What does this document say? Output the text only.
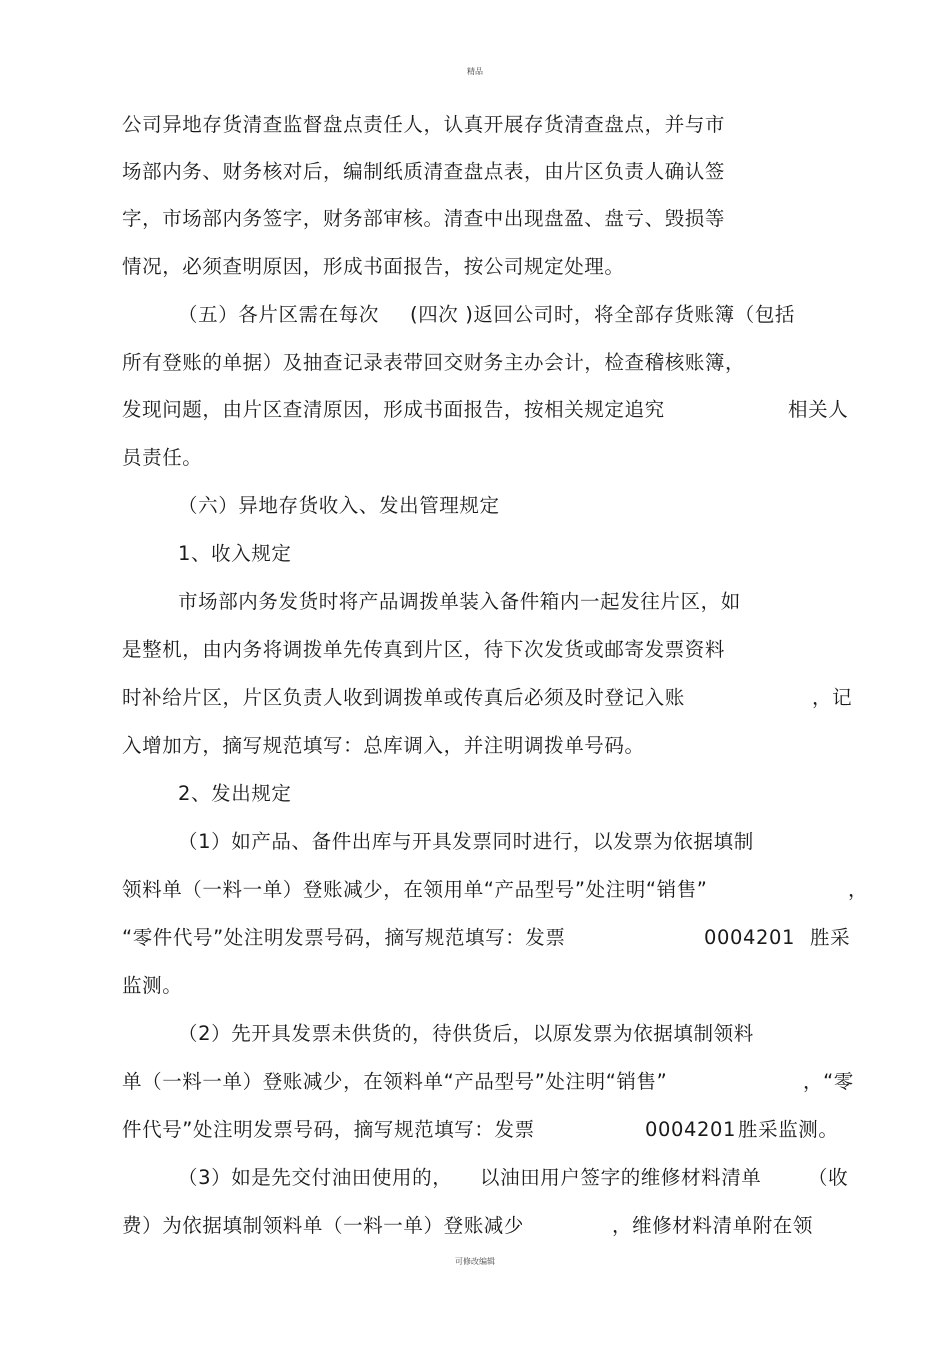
精品
公司异地存货清查监督盘点责任人，认真开展存货清查盘点，并与市
场部内务、财务核对后，编制纸质清查盘点表，由片区负责人确认签
字，市场部内务签字，财务部审核。清查中出现盘盈、盘亏、毁损等
情况，必须查明原因，形成书面报告，按公司规定处理。
（五）各片区需在每次 (四次 )返回公司时，将全部存货账簿（包括
所有登账的单据）及抽查记录表带回交财务主办会计，检查稽核账簿，
发现问题，由片区查清原因，形成书面报告，按相关规定追究	相关人
员责任。
（六）异地存货收入、发出管理规定
1、收入规定
市场部内务发货时将产品调拨单装入备件箱内一起发往片区，如
是整机，由内务将调拨单先传真到片区，待下次发货或邮寄发票资料
时补给片区，片区负责人收到调拨单或传真后必须及时登记入账	，记
入增加方，摘写规范填写：总库调入，并注明调拨单号码。
2、发出规定
（1）如产品、备件出库与开具发票同时进行，以发票为依据填制
领料单（一料一单）登账减少，在领用单“产品型号”处注明“销售”	，
“零件代号”处注明发票号码，摘写规范填写：发票	0004201 胜采
监测。
（2）先开具发票未供货的，待供货后，以原发票为依据填制领料
单（一料一单）登账减少，在领料单“产品型号”处注明“销售”	，“零
件代号”处注明发票号码，摘写规范填写：发票	0004201 胜采监测。
（3）如是先交付油田使用的， 以油田用户签字的维修材料清单 （收
费）为依据填制领料单（一料一单）登账减少	，维修材料清单附在领
可修改编辑
